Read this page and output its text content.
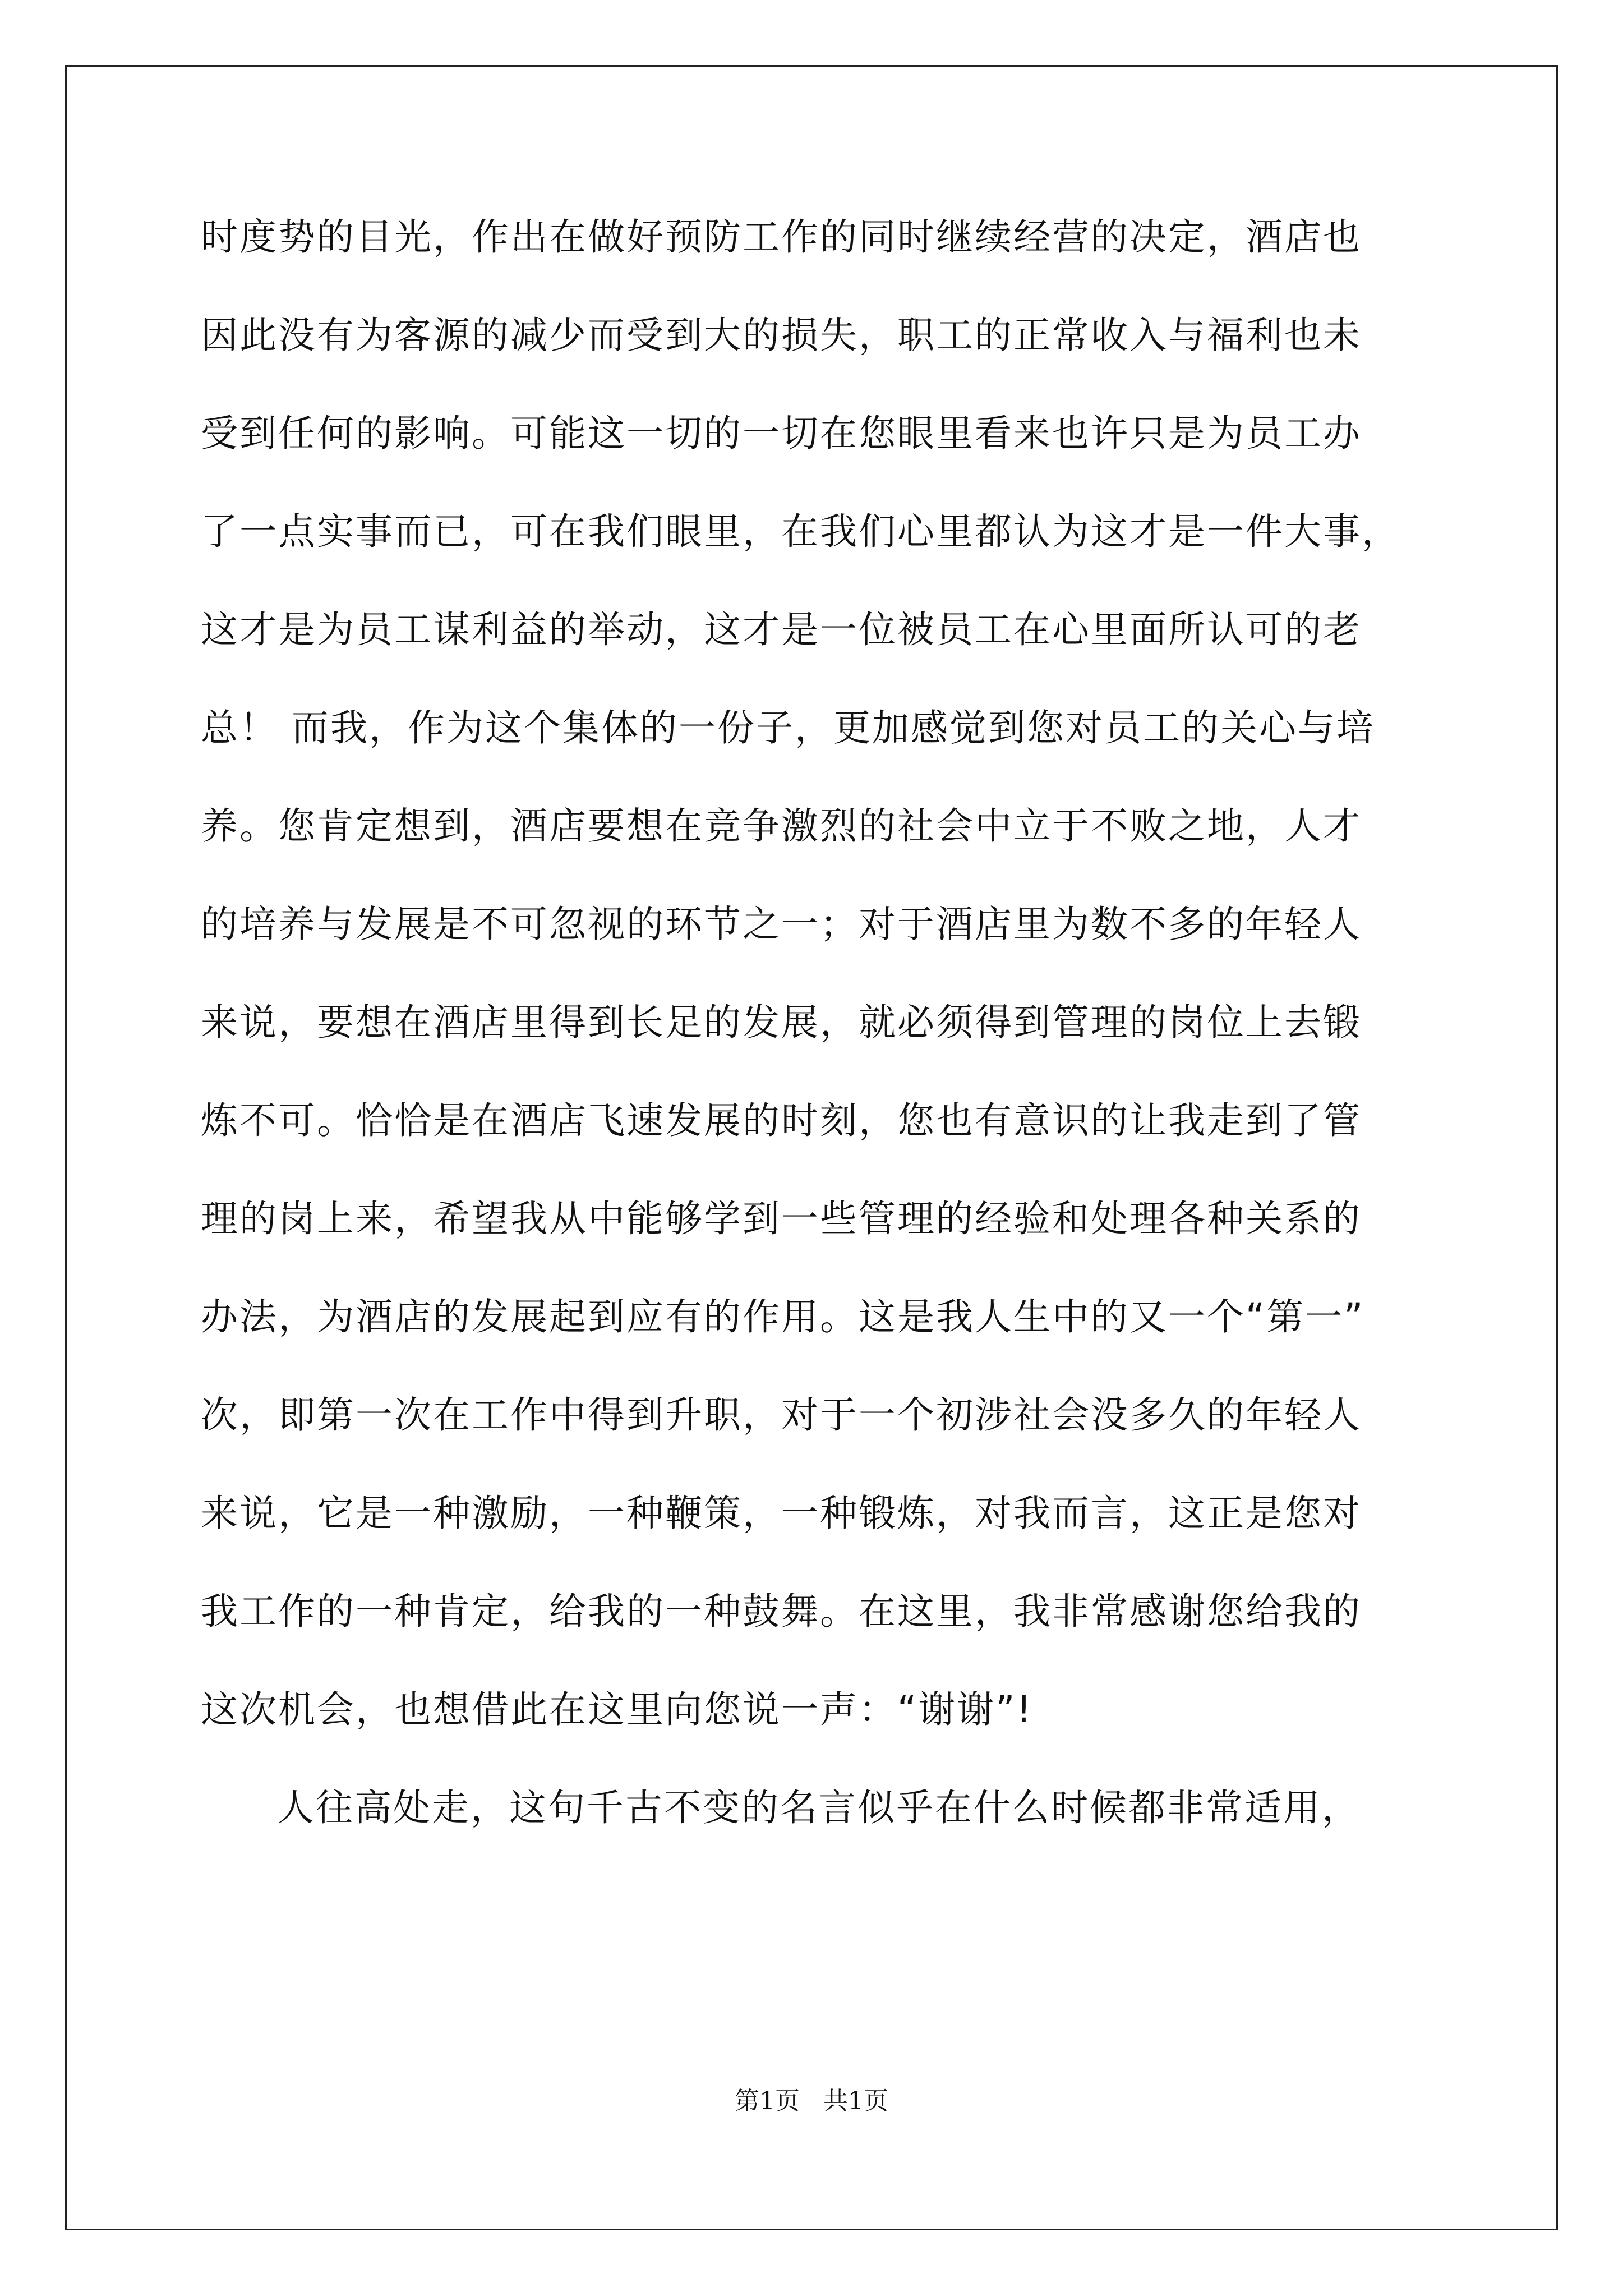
时度势的目光，作出在做好预防工作的同时继续经营的决定，酒店也
因此没有为客源的减少而受到大的损失，职工的正常收入与福利也未
受到任何的影响。可能这一切的一切在您眼里看来也许只是为员工办
了一点实事而已，可在我们眼里，在我们心里都认为这才是一件大事，
这才是为员工谋利益的举动，这才是一位被员工在心里面所认可的老
总！ 而我，作为这个集体的一份子，更加感觉到您对员工的关心与培
养。您肯定想到，酒店要想在竞争激烈的社会中立于不败之地，人才
的培养与发展是不可忽视的环节之一；对于酒店里为数不多的年轻人
来说，要想在酒店里得到长足的发展，就必须得到管理的岗位上去锻
炼不可。恰恰是在酒店飞速发展的时刻，您也有意识的让我走到了管
理的岗上来，希望我从中能够学到一些管理的经验和处理各种关系的
办法，为酒店的发展起到应有的作用。这是我人生中的又一个“第一”
次，即第一次在工作中得到升职，对于一个初涉社会没多久的年轻人
来说，它是一种激励，一种鞭策，一种锻炼，对我而言，这正是您对
我工作的一种肯定，给我的一种鼓舞。在这里，我非常感谢您给我的
这次机会，也想借此在这里向您说一声：“谢谢”!
人往高处走，这句千古不变的名言似乎在什么时候都非常适用，
第1页 共1页
